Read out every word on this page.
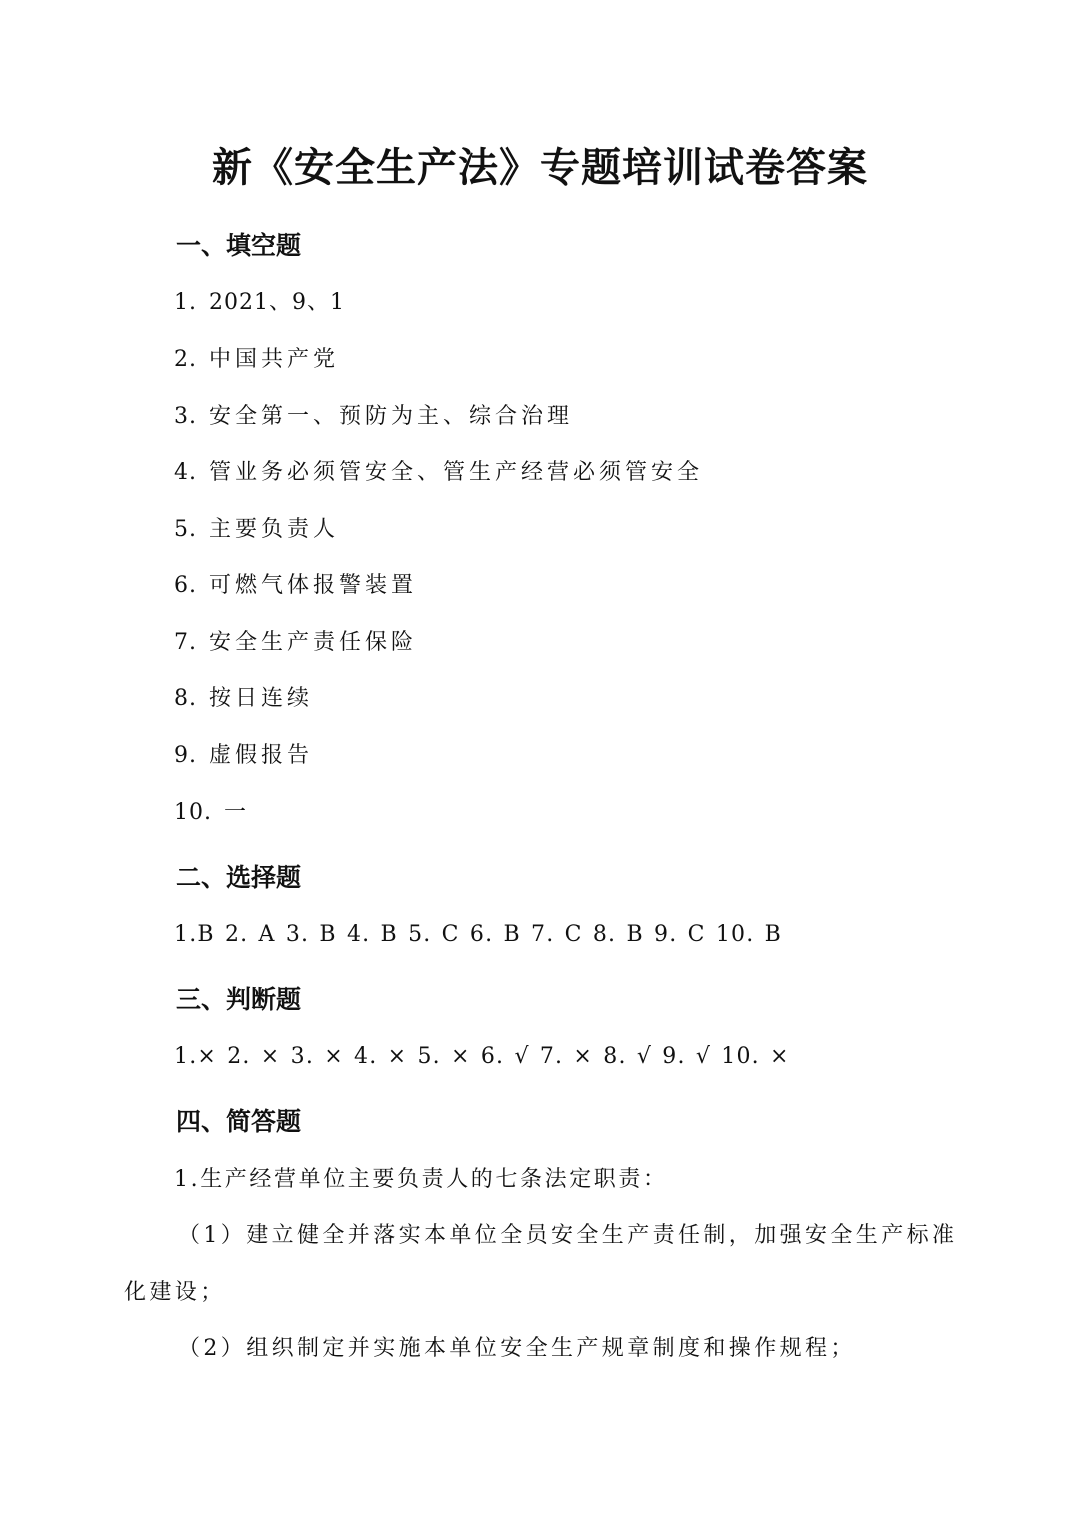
新《安全生产法》专题培训试卷答案
一、填空题
1. 2021、9、1
2. 中国共产党
3. 安全第一、预防为主、综合治理
4. 管业务必须管安全、管生产经营必须管安全
5. 主要负责人
6. 可燃气体报警装置
7. 安全生产责任保险
8. 按日连续
9. 虚假报告
10. 一
二、选择题
1.B 2. A 3. B 4. B 5. C 6. B 7. C 8. B 9. C 10. B
三、判断题
1.× 2. × 3. × 4. × 5. × 6. √ 7. × 8. √ 9. √ 10. ×
四、简答题
1.生产经营单位主要负责人的七条法定职责：
（1）建立健全并落实本单位全员安全生产责任制，加强安全生产标准
化建设；
（2）组织制定并实施本单位安全生产规章制度和操作规程；
